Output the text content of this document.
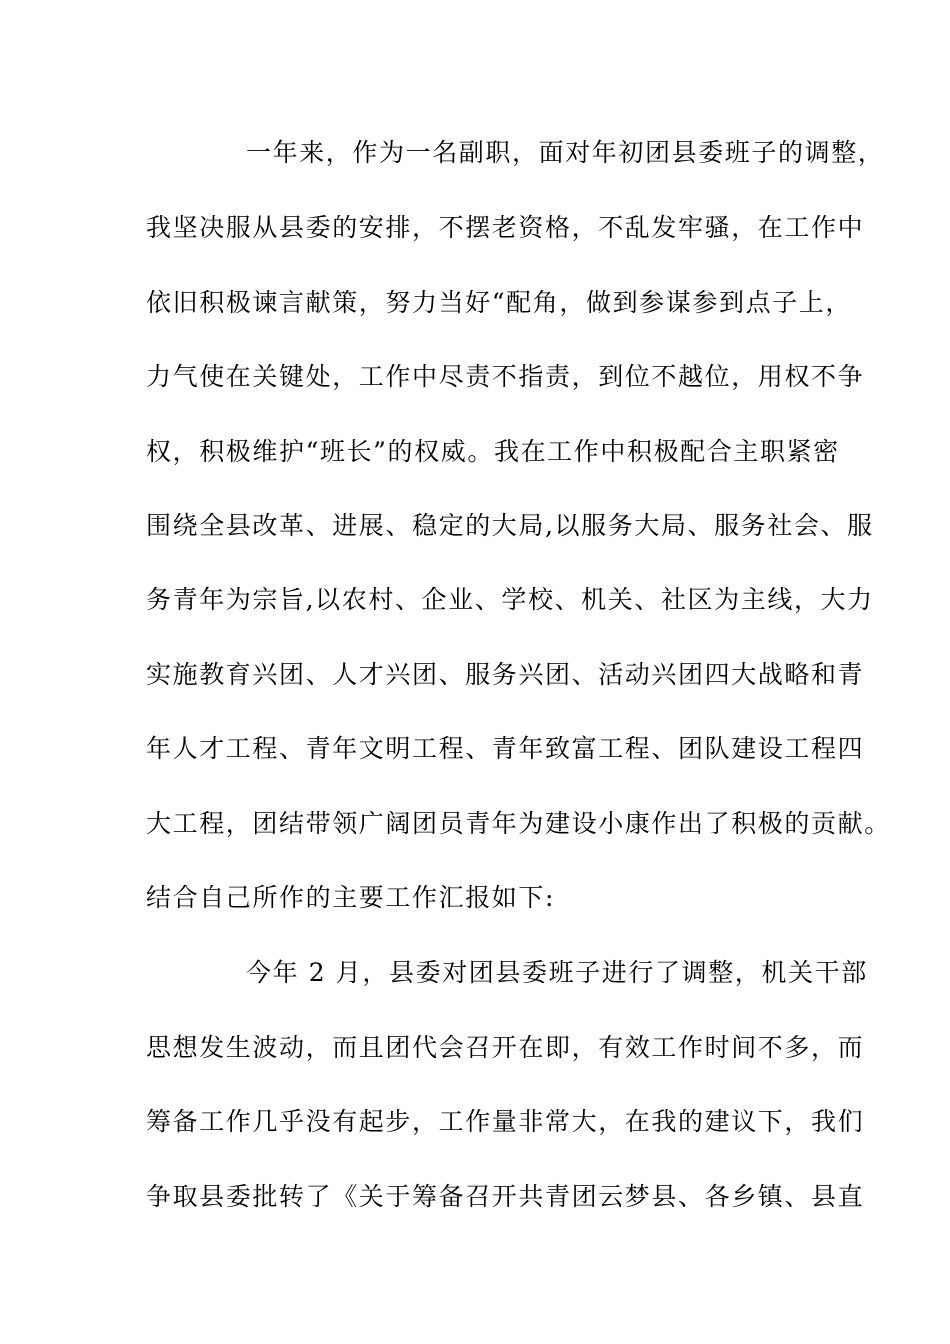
一年来，作为一名副职，面对年初团县委班子的调整，
我坚决服从县委的安排，不摆老资格，不乱发牢骚，在工作中
依旧积极谏言献策，努力当好“配角，做到参谋参到点子上，
力气使在关键处，工作中尽责不指责，到位不越位，用权不争
权，积极维护“班长”的权威。我在工作中积极配合主职紧密
围绕全县改革、进展、稳定的大局,以服务大局、服务社会、服
务青年为宗旨,以农村、企业、学校、机关、社区为主线，大力
实施教育兴团、人才兴团、服务兴团、活动兴团四大战略和青
年人才工程、青年文明工程、青年致富工程、团队建设工程四
大工程，团结带领广阔团员青年为建设小康作出了积极的贡献。
结合自己所作的主要工作汇报如下:
今年 2 月，县委对团县委班子进行了调整，机关干部
思想发生波动，而且团代会召开在即，有效工作时间不多，而
筹备工作几乎没有起步，工作量非常大，在我的建议下，我们
争取县委批转了《关于筹备召开共青团云梦县、各乡镇、县直
